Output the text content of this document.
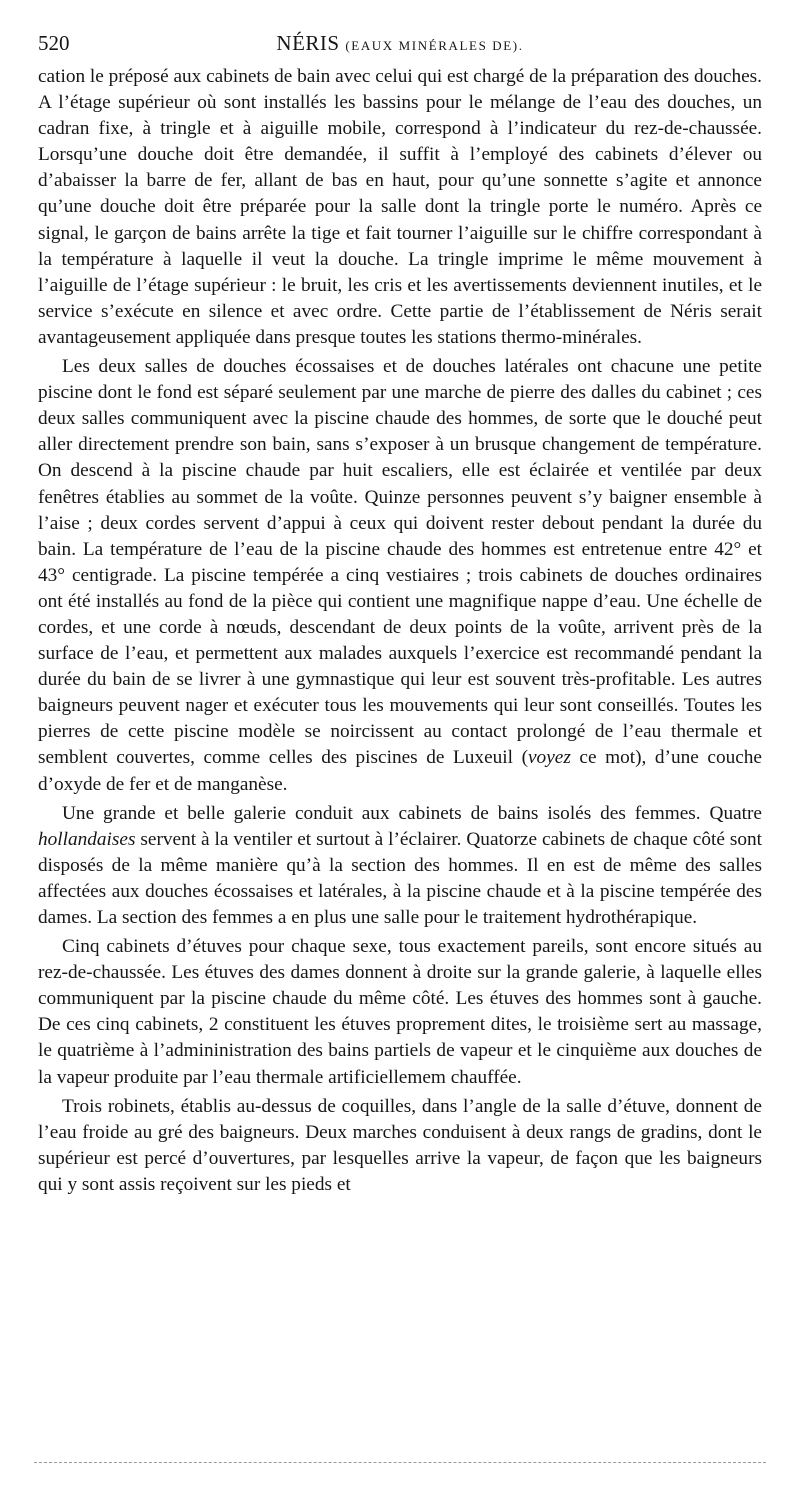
520	NÉRIS (EAUX MINÉRALES DE).

cation le préposé aux cabinets de bain avec celui qui est chargé de la préparation des douches. A l’étage supérieur où sont installés les bassins pour le mélange de l’eau des douches, un cadran fixe, à tringle et à aiguille mobile, correspond à l’indicateur du rez-de-chaussée. Lorsqu’une douche doit être demandée, il suffit à l’employé des cabinets d’élever ou d’abaisser la barre de fer, allant de bas en haut, pour qu’une sonnette s’agite et annonce qu’une douche doit être préparée pour la salle dont la tringle porte le numéro. Après ce signal, le garçon de bains arrête la tige et fait tourner l’aiguille sur le chiffre correspondant à la température à laquelle il veut la douche. La tringle imprime le même mouvement à l’aiguille de l’étage supérieur : le bruit, les cris et les avertissements deviennent inutiles, et le service s’exécute en silence et avec ordre. Cette partie de l’établissement de Néris serait avantageusement appliquée dans presque toutes les stations thermo-minérales.

Les deux salles de douches écossaises et de douches latérales ont chacune une petite piscine dont le fond est séparé seulement par une marche de pierre des dalles du cabinet ; ces deux salles communiquent avec la piscine chaude des hommes, de sorte que le douché peut aller directement prendre son bain, sans s’exposer à un brusque changement de température. On descend à la piscine chaude par huit escaliers, elle est éclairée et ventilée par deux fenêtres établies au sommet de la voûte. Quinze personnes peuvent s’y baigner ensemble à l’aise ; deux cordes servent d’appui à ceux qui doivent rester debout pendant la durée du bain. La température de l’eau de la piscine chaude des hommes est entretenue entre 42° et 43° centigrade. La piscine tempérée a cinq vestiaires ; trois cabinets de douches ordinaires ont été installés au fond de la pièce qui contient une magnifique nappe d’eau. Une échelle de cordes, et une corde à nœuds, descendant de deux points de la voûte, arrivent près de la surface de l’eau, et permettent aux malades auxquels l’exercice est recommandé pendant la durée du bain de se livrer à une gymnastique qui leur est souvent très-profitable. Les autres baigneurs peuvent nager et exécuter tous les mouvements qui leur sont conseillés. Toutes les pierres de cette piscine modèle se noircissent au contact prolongé de l’eau thermale et semblent couvertes, comme celles des piscines de Luxeuil (voyez ce mot), d’une couche d’oxyde de fer et de manganèse.

Une grande et belle galerie conduit aux cabinets de bains isolés des femmes. Quatre hollandaises servent à la ventiler et surtout à l’éclairer. Quatorze cabinets de chaque côté sont disposés de la même manière qu’à la section des hommes. Il en est de même des salles affectées aux douches écossaises et latérales, à la piscine chaude et à la piscine tempérée des dames. La section des femmes a en plus une salle pour le traitement hydrothérapique.

Cinq cabinets d’étuves pour chaque sexe, tous exactement pareils, sont encore situés au rez-de-chaussée. Les étuves des dames donnent à droite sur la grande galerie, à laquelle elles communiquent par la piscine chaude du même côté. Les étuves des hommes sont à gauche. De ces cinq cabinets, 2 constituent les étuves proprement dites, le troisième sert au massage, le quatrième à l’admininistration des bains partiels de vapeur et le cinquième aux douches de la vapeur produite par l’eau thermale artificiellemem chauffée.

Trois robinets, établis au-dessus de coquilles, dans l’angle de la salle d’étuve, donnent de l’eau froide au gré des baigneurs. Deux marches conduisent à deux rangs de gradins, dont le supérieur est percé d’ouvertures, par lesquelles arrive la vapeur, de façon que les baigneurs qui y sont assis reçoivent sur les pieds et
